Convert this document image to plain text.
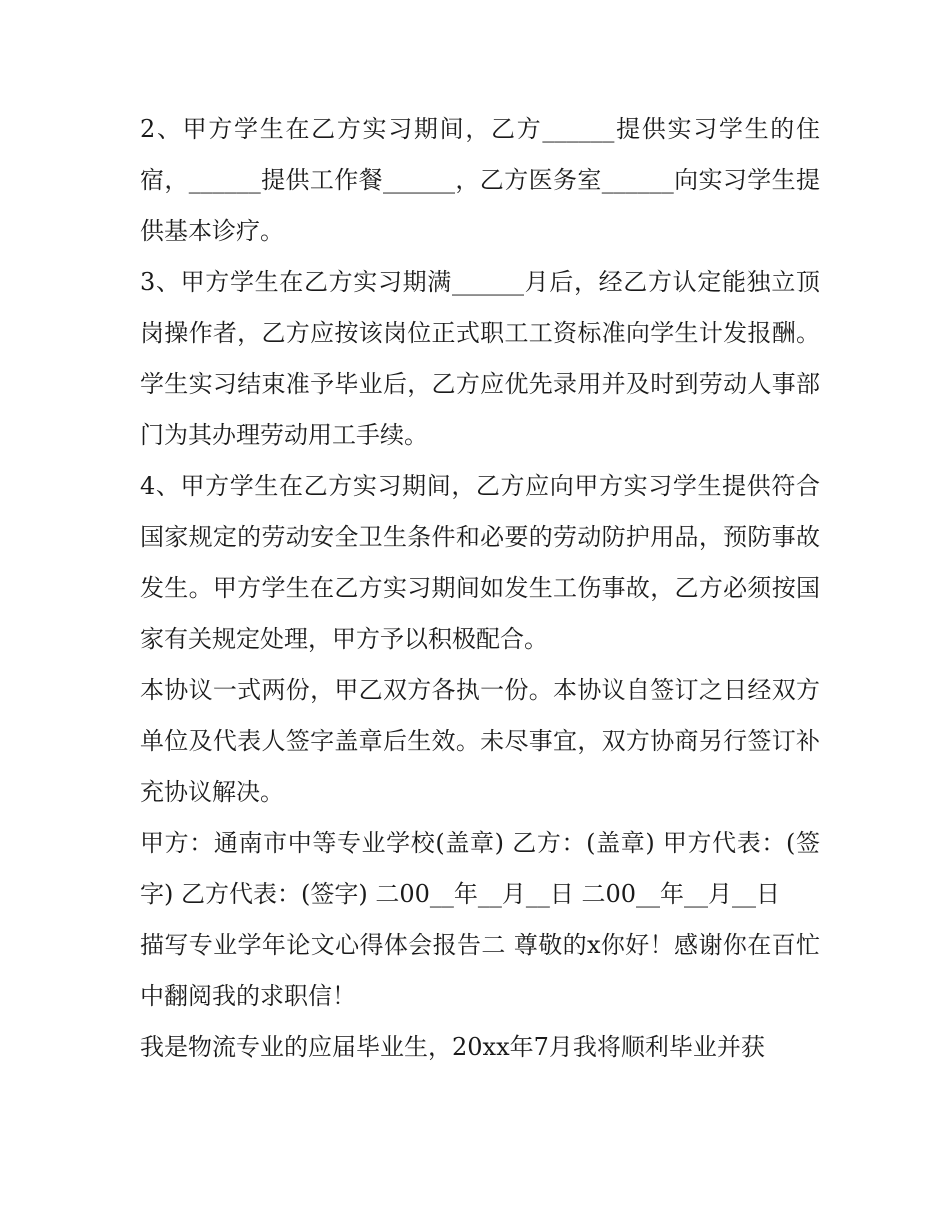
2、甲方学生在乙方实习期间，乙方______提供实习学生的住宿，______提供工作餐______，乙方医务室______向实习学生提供基本诊疗。

3、甲方学生在乙方实习期满______月后，经乙方认定能独立顶岗操作者，乙方应按该岗位正式职工工资标准向学生计发报酬。学生实习结束准予毕业后，乙方应优先录用并及时到劳动人事部门为其办理劳动用工手续。

4、甲方学生在乙方实习期间，乙方应向甲方实习学生提供符合国家规定的劳动安全卫生条件和必要的劳动防护用品，预防事故发生。甲方学生在乙方实习期间如发生工伤事故，乙方必须按国家有关规定处理，甲方予以积极配合。

本协议一式两份，甲乙双方各执一份。本协议自签订之日经双方单位及代表人签字盖章后生效。未尽事宜，双方协商另行签订补充协议解决。

甲方：通南市中等专业学校(盖章) 乙方：(盖章) 甲方代表：(签字) 乙方代表：(签字) 二00__年__月__日 二00__年__月__日

描写专业学年论文心得体会报告二 尊敬的x你好！感谢你在百忙中翻阅我的求职信！

我是物流专业的应届毕业生，20xx年7月我将顺利毕业并获
